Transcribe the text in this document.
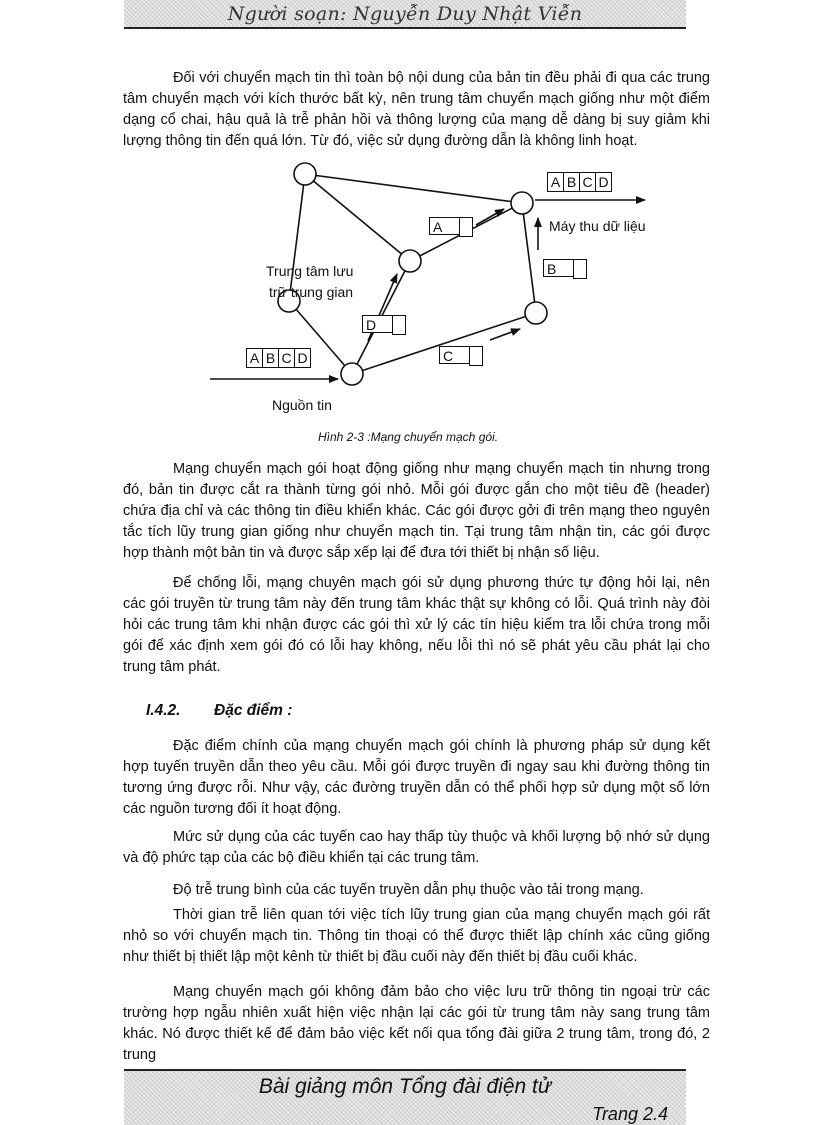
Người soạn: Nguyễn Duy Nhật Viễn

Đối với chuyển mạch tin thì toàn bộ nội dung của bản tin đều phải đi qua các trung tâm chuyển mạch với kích thước bất kỳ, nên trung tâm chuyển mạch giống như một điểm dạng cổ chai, hậu quả là trễ phản hồi và thông lượng của mạng dễ dàng bị suy giảm khi lượng thông tin đến quá lớn. Từ đó, việc sử dụng đường dẫn là không linh hoạt.

A B C D
A
B
D
C
A B C D
Máy thu dữ liệu
Trung tâm lưu
trữ trung gian
Nguồn tin
Hình 2-3 :Mạng chuyển mạch gói.

Mạng chuyển mạch gói hoạt động giống như mạng chuyển mạch tin nhưng trong đó, bản tin được cắt ra thành từng gói nhỏ. Mỗi gói được gắn cho một tiêu đề (header) chứa địa chỉ và các thông tin điều khiển khác. Các gói được gởi đi trên mạng theo nguyên tắc tích lũy trung gian giống như chuyển mạch tin. Tại trung tâm nhận tin, các gói được hợp thành một bản tin và được sắp xếp lại để đưa tới thiết bị nhận số liệu.

Để chống lỗi, mạng chuyên mạch gói sử dụng phương thức tự động hỏi lại, nên các gói truyền từ trung tâm này đến trung tâm khác thật sự không có lỗi. Quá trình này đòi hỏi các trung tâm khi nhận được các gói thì xử lý các tín hiệu kiểm tra lỗi chứa trong mỗi gói để xác định xem gói đó có lỗi hay không, nếu lỗi thì nó sẽ phát yêu cầu phát lại cho trung tâm phát.

I.4.2. Đặc điểm :

Đặc điểm chính của mạng chuyển mạch gói chính là phương pháp sử dụng kết hợp tuyến truyền dẫn theo yêu cầu. Mỗi gói được truyền đi ngay sau khi đường thông tin tương ứng được rỗi. Như vậy, các đường truyền dẫn có thể phối hợp sử dụng một số lớn các nguồn tương đối ít hoạt động.

Mức sử dụng của các tuyến cao hay thấp tùy thuộc và khối lượng bộ nhớ sử dụng và độ phức tạp của các bộ điều khiển tại các trung tâm.

Độ trễ trung bình của các tuyến truyền dẫn phụ thuộc vào tải trong mạng.

Thời gian trễ liên quan tới việc tích lũy trung gian của mạng chuyển mạch gói rất nhỏ so với chuyển mạch tin. Thông tin thoại có thể được thiết lập chính xác cũng giống như thiết bị thiết lập một kênh từ thiết bị đầu cuối này đến thiết bị đầu cuối khác.

Mạng chuyển mạch gói không đảm bảo cho việc lưu trữ thông tin ngoại trừ các trường hợp ngẫu nhiên xuất hiện việc nhận lại các gói từ trung tâm này sang trung tâm khác. Nó được thiết kế để đảm bảo việc kết nối qua tổng đài giữa 2 trung tâm, trong đó, 2 trung

Bài giảng môn Tổng đài điện tử
Trang 2.4
